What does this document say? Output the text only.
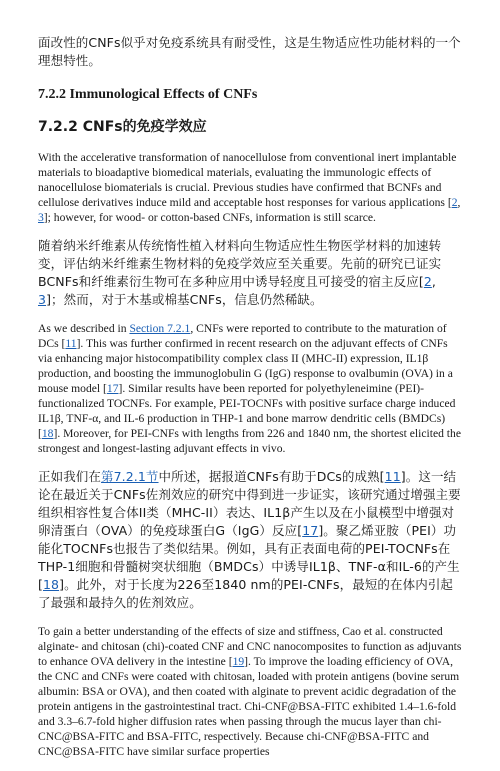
面改性的CNFs似乎对免疫系统具有耐受性，这是生物适应性功能材料的一个理想特性。

7.2.2 Immunological Effects of CNFs
7.2.2 CNFs的免疫学效应

With the accelerative transformation of nanocellulose from conventional inert implantable materials to bioadaptive biomedical materials, evaluating the immunologic effects of nanocellulose biomaterials is crucial. Previous studies have confirmed that BCNFs and cellulose derivatives induce mild and acceptable host responses for various applications [2, 3]; however, for wood- or cotton-based CNFs, information is still scarce.

随着纳米纤维素从传统惰性植入材料向生物适应性生物医学材料的加速转变，评估纳米纤维素生物材料的免疫学效应至关重要。先前的研究已证实BCNFs和纤维素衍生物可在多种应用中诱导轻度且可接受的宿主反应[2, 3]；然而，对于木基或棉基CNFs，信息仍然稀缺。

As we described in Section 7.2.1, CNFs were reported to contribute to the maturation of DCs [11]. This was further confirmed in recent research on the adjuvant effects of CNFs via enhancing major histocompatibility complex class II (MHC-II) expression, IL1β production, and boosting the immunoglobulin G (IgG) response to ovalbumin (OVA) in a mouse model [17]. Similar results have been reported for polyethyleneimine (PEI)-functionalized TOCNFs. For example, PEI-TOCNFs with positive surface charge induced IL1β, TNF-α, and IL-6 production in THP-1 and bone marrow dendritic cells (BMDCs) [18]. Moreover, for PEI-CNFs with lengths from 226 and 1840 nm, the shortest elicited the strongest and longest-lasting adjuvant effects in vivo.

正如我们在第7.2.1节中所述，据报道CNFs有助于DCs的成熟[11]。这一结论在最近关于CNFs佐剂效应的研究中得到进一步证实，该研究通过增强主要组织相容性复合体II类（MHC-II）表达、IL1β产生以及在小鼠模型中增强对卵清蛋白（OVA）的免疫球蛋白G（IgG）反应[17]。聚乙烯亚胺（PEI）功能化TOCNFs也报告了类似结果。例如，具有正表面电荷的PEI-TOCNFs在THP-1细胞和骨髓树突状细胞（BMDCs）中诱导IL1β、TNF-α和IL-6的产生[18]。此外，对于长度为226至1840 nm的PEI-CNFs，最短的在体内引起了最强和最持久的佐剂效应。

To gain a better understanding of the effects of size and stiffness, Cao et al. constructed alginate- and chitosan (chi)-coated CNF and CNC nanocomposites to function as adjuvants to enhance OVA delivery in the intestine [19]. To improve the loading efficiency of OVA, the CNC and CNFs were coated with chitosan, loaded with protein antigens (bovine serum albumin: BSA or OVA), and then coated with alginate to prevent acidic degradation of the protein antigens in the gastrointestinal tract. Chi-CNF@BSA-FITC exhibited 1.4–1.6-fold and 3.3–6.7-fold higher diffusion rates when passing through the mucus layer than chi-CNC@BSA-FITC and BSA-FITC, respectively. Because chi-CNF@BSA-FITC and CNC@BSA-FITC have similar surface properties
